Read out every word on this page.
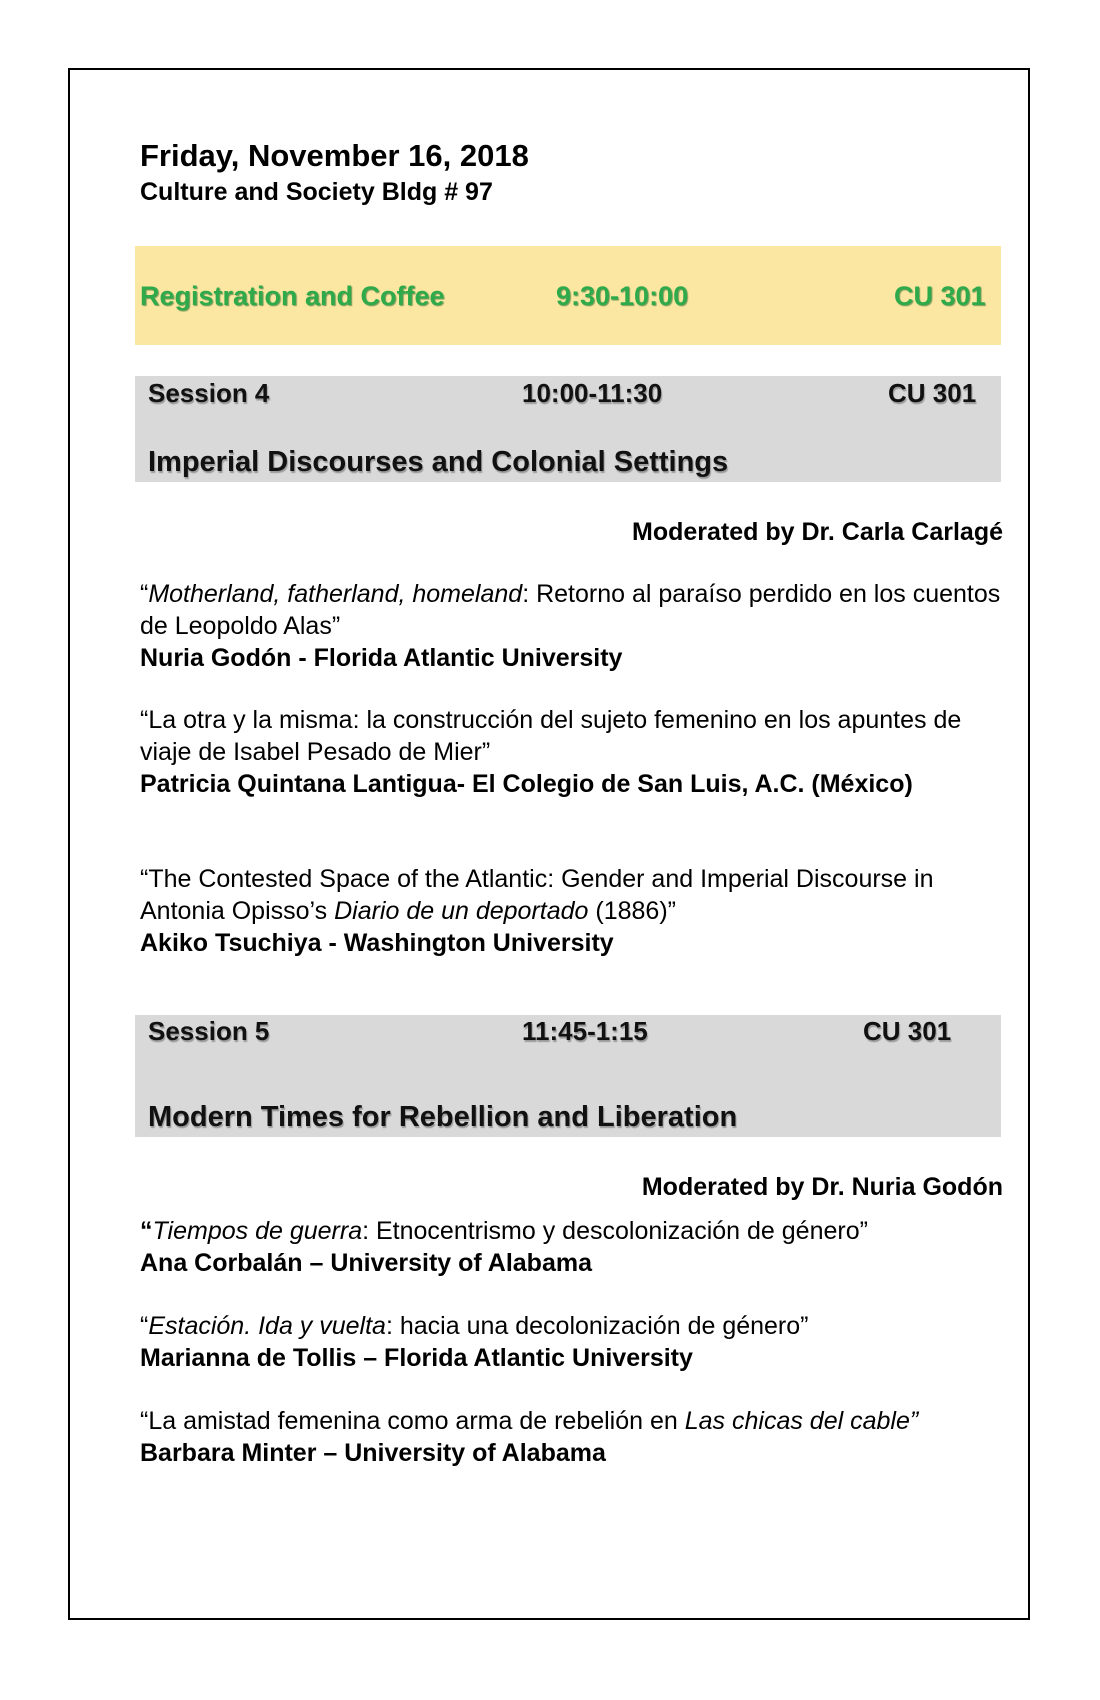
Friday, November 16, 2018
Culture and Society Bldg # 97
Registration and Coffee	9:30-10:00	CU 301
Session 4	10:00-11:30	CU 301
Imperial Discourses and Colonial Settings
Moderated by Dr. Carla Carlagé
“Motherland, fatherland, homeland: Retorno al paraíso perdido en los cuentos de Leopoldo Alas”
Nuria Godón - Florida Atlantic University
“La otra y la misma: la construcción del sujeto femenino en los apuntes de viaje de Isabel Pesado de Mier”
Patricia Quintana Lantigua- El Colegio de San Luis, A.C. (México)
“The Contested Space of the Atlantic: Gender and Imperial Discourse in Antonia Opisso’s Diario de un deportado (1886)”
Akiko Tsuchiya - Washington University
Session 5	11:45-1:15	CU 301
Modern Times for Rebellion and Liberation
Moderated by Dr. Nuria Godón
“Tiempos de guerra: Etnocentrismo y descolonización de género”
Ana Corbalán – University of Alabama
“Estación. Ida y vuelta: hacia una decolonización de género”
Marianna de Tollis – Florida Atlantic University
“La amistad femenina como arma de rebelión en Las chicas del cable”
Barbara Minter – University of Alabama
